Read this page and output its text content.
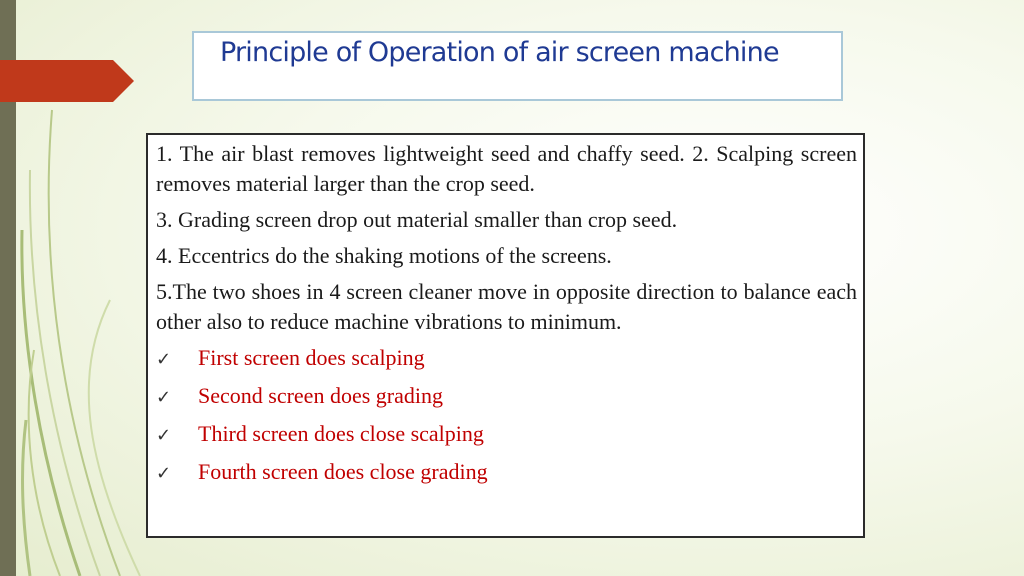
Principle of Operation of air screen machine

1. The air blast removes lightweight seed and chaffy seed. 2. Scalping screen removes material larger than the crop seed.

3. Grading screen drop out material smaller than crop seed.

4. Eccentrics do the shaking motions of the screens.

5.The two shoes in 4 screen cleaner move in opposite direction to balance each other also to reduce machine vibrations to minimum.

✓	First screen does scalping
✓	Second screen does grading
✓	Third screen does close scalping
✓	Fourth screen does close grading
